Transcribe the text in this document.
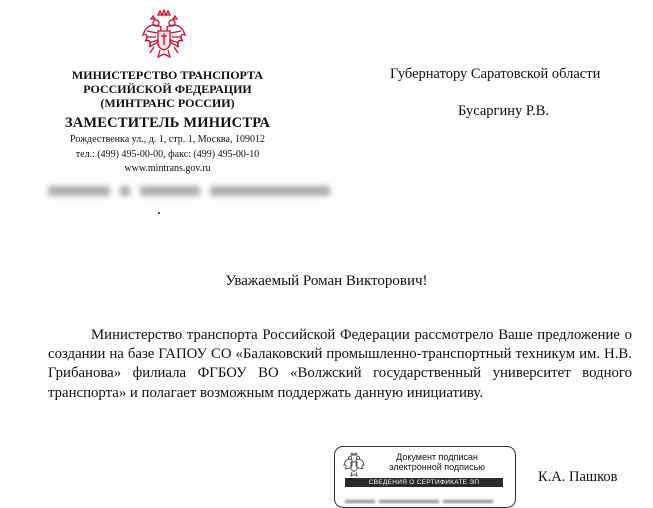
МИНИСТЕРСТВО ТРАНСПОРТА
РОССИЙСКОЙ ФЕДЕРАЦИИ
(МИНТРАНС РОССИИ)
ЗАМЕСТИТЕЛЬ МИНИСТРА
Рождественка ул., д. 1, стр. 1, Москва, 109012
тел.: (499) 495-00-00, факс: (499) 495-00-10
www.mintrans.gov.ru
Губернатору Саратовской области
Бусаргину Р.В.
Уважаемый Роман Викторович!
Министерство транспорта Российской Федерации рассмотрело Ваше предложение о создании на базе ГАПОУ СО «Балаковский промышленно-транспортный техникум им. Н.В. Грибанова» филиала ФГБОУ ВО «Волжский государственный университет водного транспорта» и полагает возможным поддержать данную инициативу.
Документ подписан
электронной подписью
СВЕДЕНИЯ О СЕРТИФИКАТЕ ЭП	К.А. Пашков
